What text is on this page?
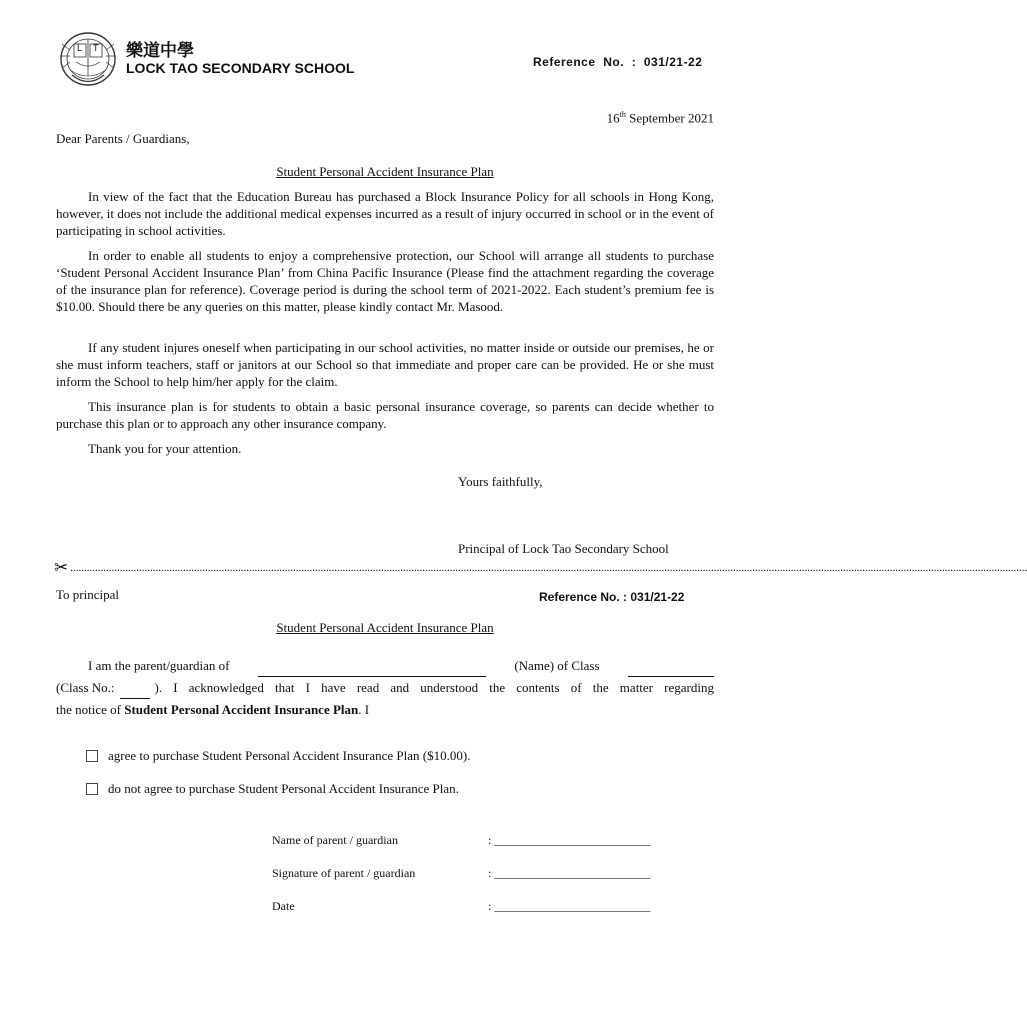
L T 樂道中學
LOCK TAO SECONDARY SCHOOL	Reference  No.  :  031/21-22
16th September 2021
Dear Parents / Guardians,
Student Personal Accident Insurance Plan

In view of the fact that the Education Bureau has purchased a Block Insurance Policy for all schools in Hong Kong, however, it does not include the additional medical expenses incurred as a result of injury occurred in school or in the event of participating in school activities.

In order to enable all students to enjoy a comprehensive protection, our School will arrange all students to purchase ‘Student Personal Accident Insurance Plan’ from China Pacific Insurance (Please find the attachment regarding the coverage of the insurance plan for reference). Coverage period is during the school term of 2021-2022. Each student’s premium fee is $10.00. Should there be any queries on this matter, please kindly contact Mr. Masood.

If any student injures oneself when participating in our school activities, no matter inside or outside our premises, he or she must inform teachers, staff or janitors at our School so that immediate and proper care can be provided. He or she must inform the School to help him/her apply for the claim.

This insurance plan is for students to obtain a basic personal insurance coverage, so parents can decide whether to purchase this plan or to approach any other insurance company.

Thank you for your attention.

Yours faithfully,
Principal of Lock Tao Secondary School
✂ ............................................................................................................................................................................................................................................................................................................................................................
To principal	Reference No. : 031/21-22
Student Personal Accident Insurance Plan
I am the parent/guardian of	(Name) of Class
(Class No.:	). I acknowledged that I have read and understood the contents of the matter regarding
the notice of Student Personal Accident Insurance Plan. I
agree to purchase Student Personal Accident Insurance Plan ($10.00).
do not agree to purchase Student Personal Accident Insurance Plan.
Name of parent / guardian	: __________________________
Signature of parent / guardian	: __________________________
Date	: __________________________
